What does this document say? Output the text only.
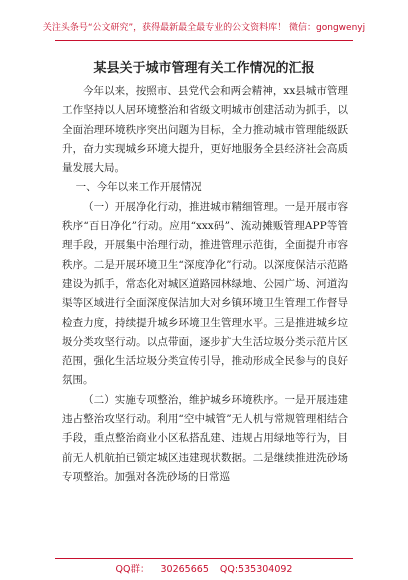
关注头条号“公文研究”，获得最新最全最专业的公文资料库！ 微信：gongwenyj
某县关于城市管理有关工作情况的汇报

今年以来，按照市、县党代会和两会精神，xx县城市管理工作坚持以人居环境整治和省级文明城市创建活动为抓手，以全面治理环境秩序突出问题为目标，全力推动城市管理能级跃升，奋力实现城乡环境大提升，更好地服务全县经济社会高质量发展大局。

一、今年以来工作开展情况

（一）开展净化行动，推进城市精细管理。一是开展市容秩序“百日净化”行动。应用“xxx码”、流动摊贩管理APP等管理手段，开展集中治理行动，推进管理示范街，全面提升市容秩序。二是开展环境卫生“深度净化”行动。以深度保洁示范路建设为抓手，常态化对城区道路园林绿地、公园广场、河道沟渠等区域进行全面深度保洁加大对乡镇环境卫生管理工作督导检查力度，持续提升城乡环境卫生管理水平。三是推进城乡垃圾分类攻坚行动。以点带面，逐步扩大生活垃圾分类示范片区范围，强化生活垃圾分类宣传引导，推动形成全民参与的良好氛围。

（二）实施专项整治，维护城乡环境秩序。一是开展违建违占整治攻坚行动。利用“空中城管”无人机与常规管理相结合手段，重点整治商业小区私搭乱建、违规占用绿地等行为，目前无人机航拍已锁定城区违建现状数据。二是继续推进洗砂场专项整治。加强对各洗砂场的日常巡

QQ群： 30265665 QQ:535304092
